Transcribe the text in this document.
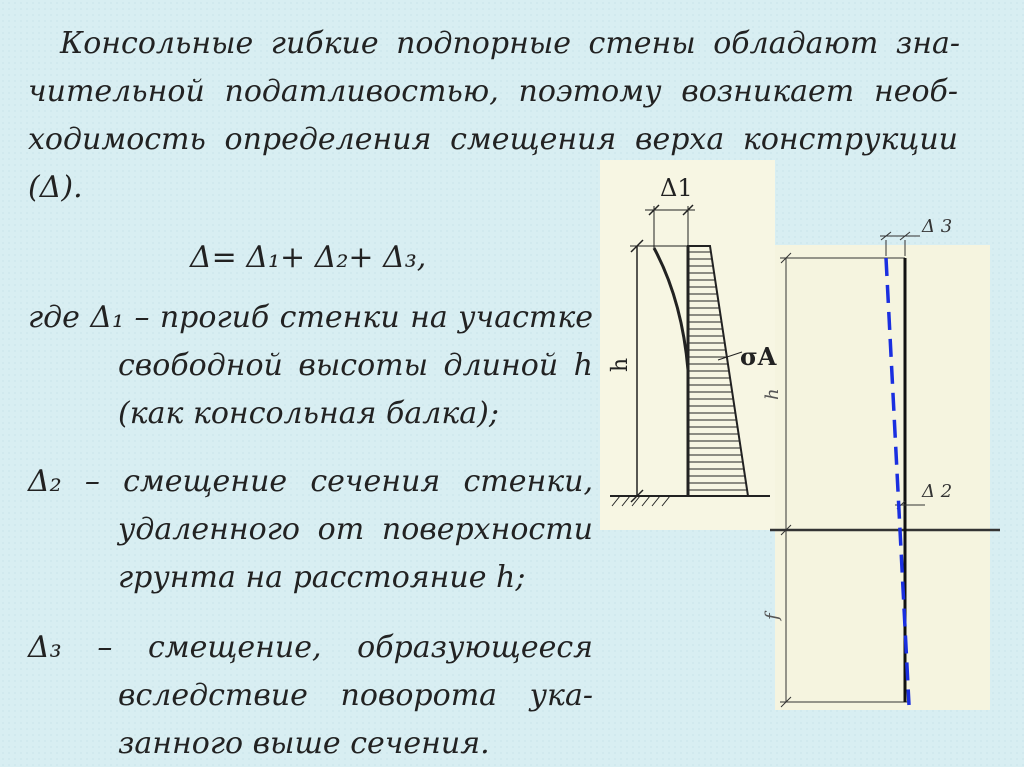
Консольные гибкие подпорные стены обладают зна-
чительной податливостью, поэтому возникает необ-
ходимость определения смещения верха конструкции
(Δ).
Δ= Δ₁+ Δ₂+ Δ₃,
где Δ₁ – прогиб стенки на участке
свободной высоты длиной h
(как консольная балка);
Δ₂ – смещение сечения стенки,
удаленного от поверхности
грунта на расстояние h;
Δ₃ – смещение, образующееся
вследствие поворота ука-
занного выше сечения.
Δ1
h	σA
Δ 3
Δ 2
h
f
